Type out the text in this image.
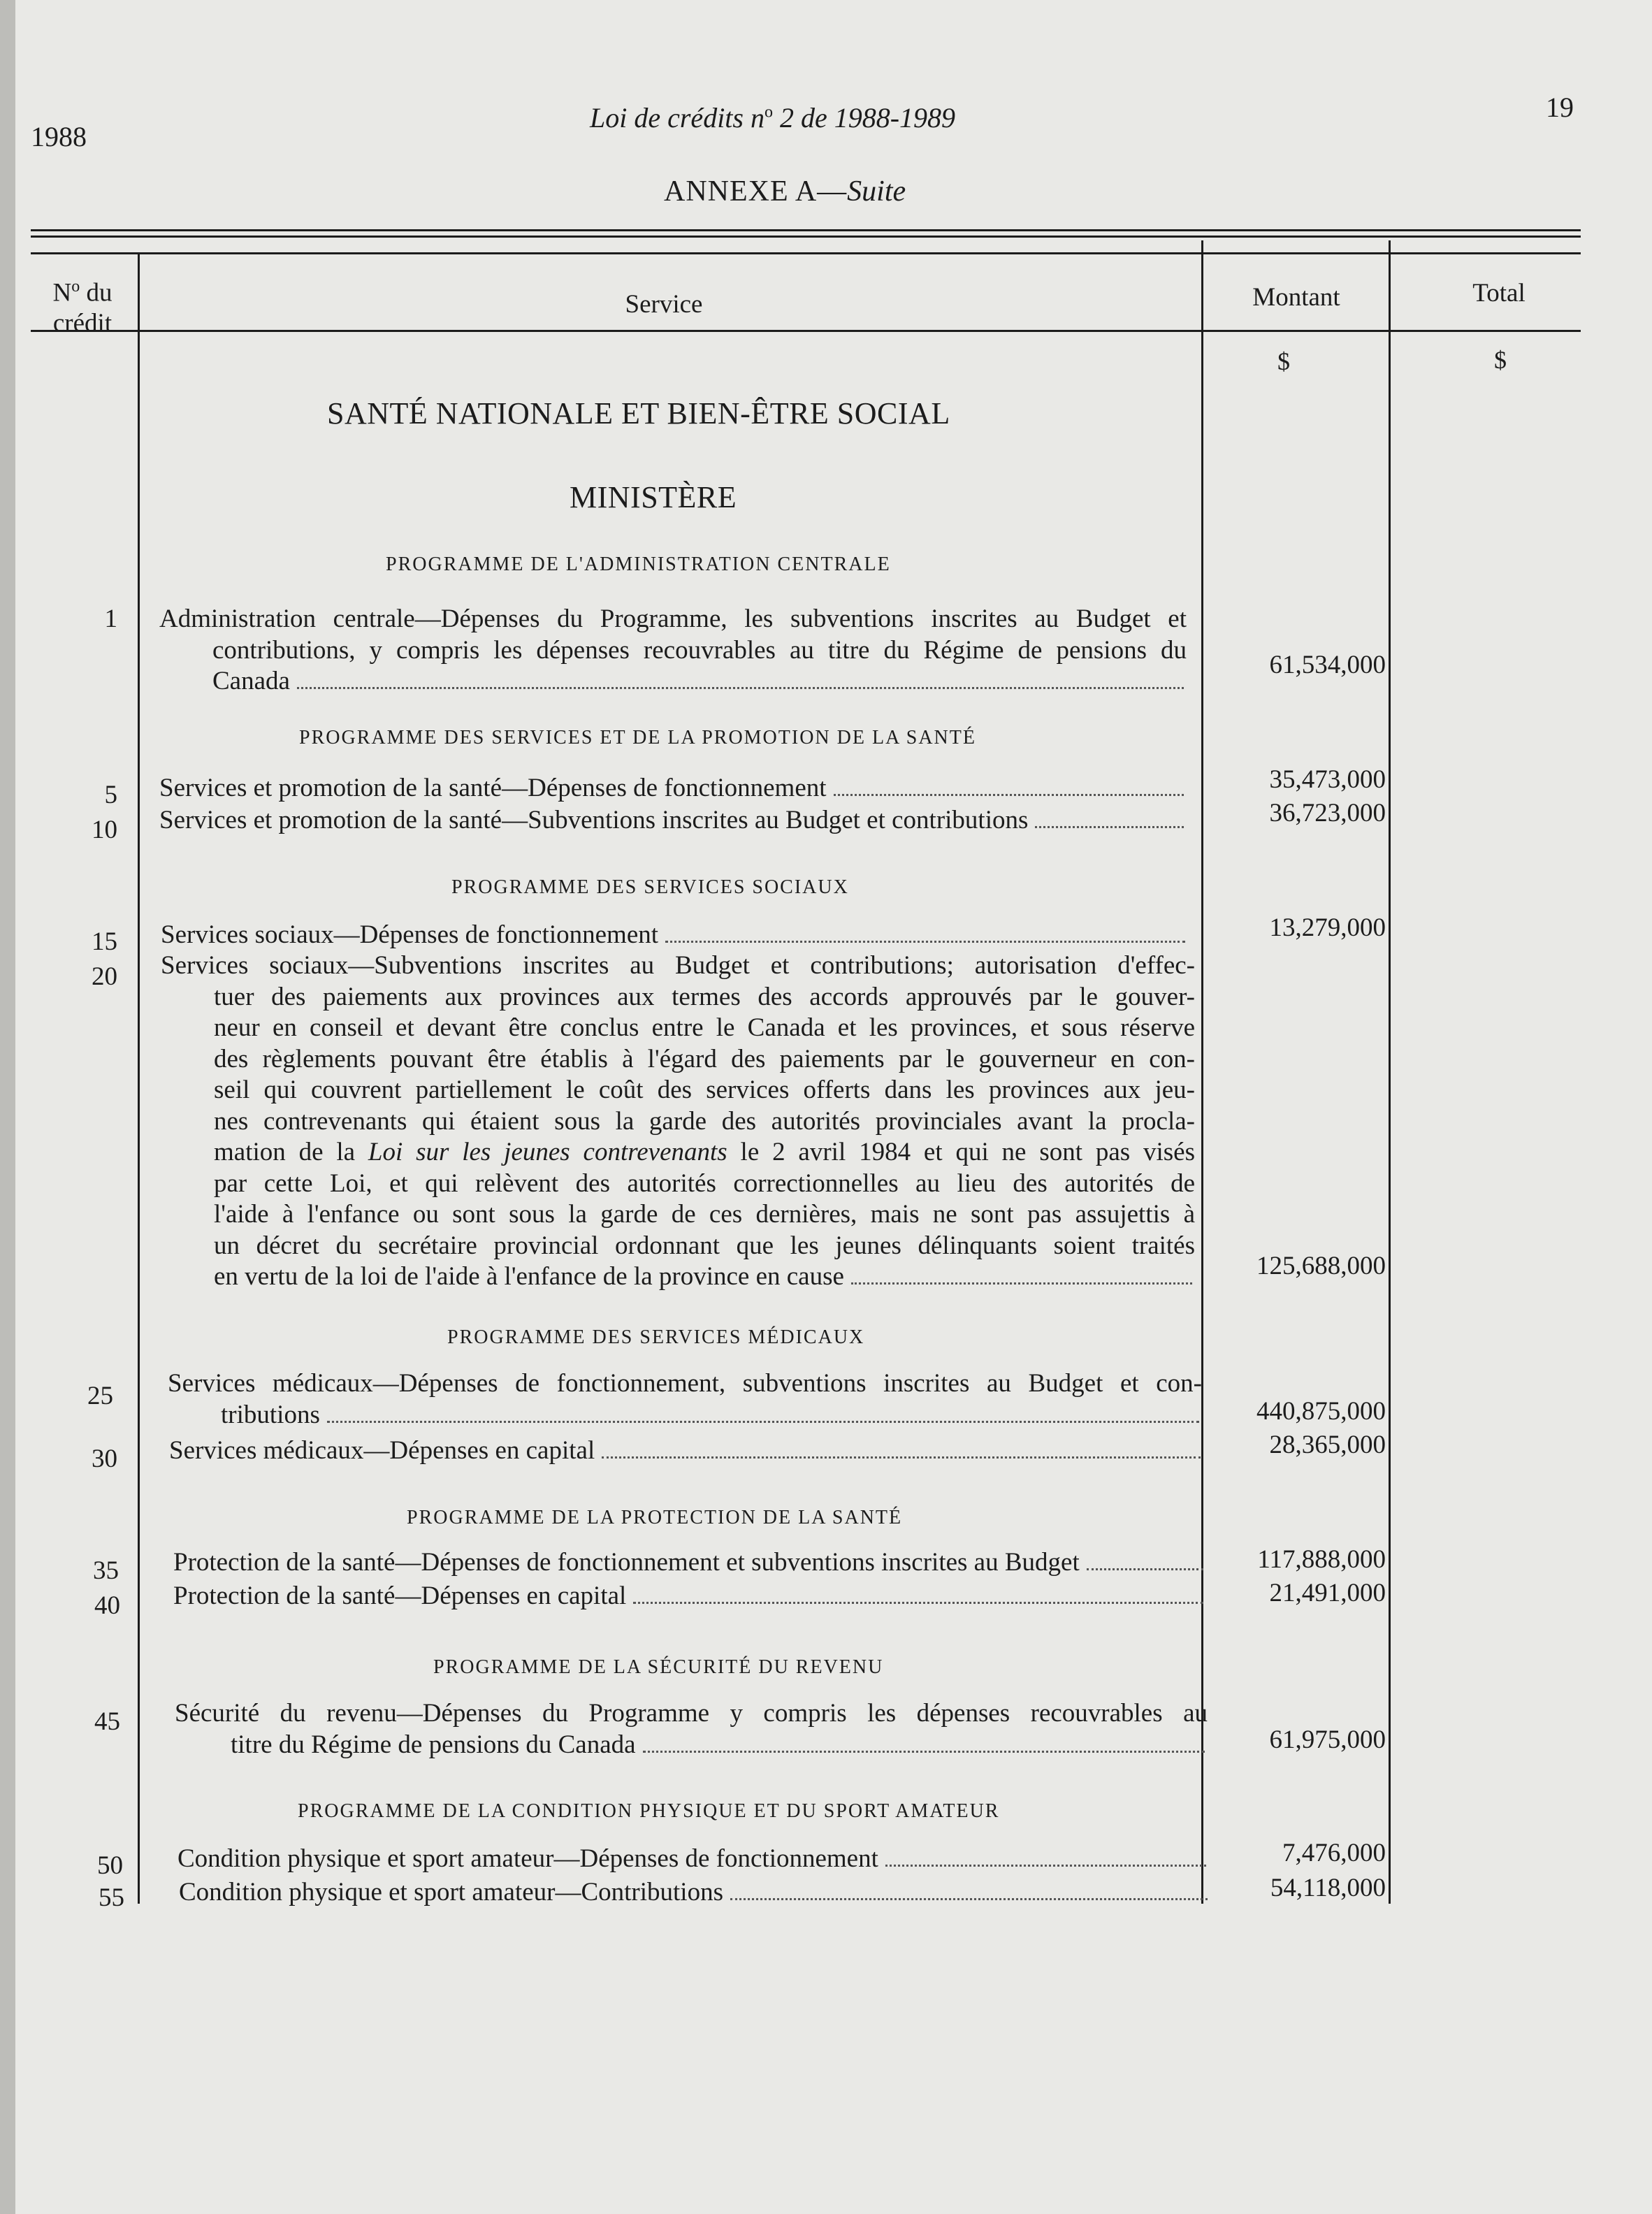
1988
Loi de crédits $n^o$ 2 de 1988-1989	19
ANNEXE A—Suite
$N^o$ du
crédit
Service	Montant	Total
$	$
SANTÉ NATIONALE ET BIEN-ÊTRE SOCIAL
MINISTÈRE
PROGRAMME DE L'ADMINISTRATION CENTRALE
1 Administration centrale—Dépenses du Programme, les subventions inscrites au Budget et

contributions, y compris les dépenses recouvrables au titre du Régime de pensions du

Canada

61,534,000
PROGRAMME DES SERVICES ET DE LA PROMOTION DE LA SANTÉ
5 Services et promotion de la santé—Dépenses de fonctionnement	35,473,000
10 Services et promotion de la santé—Subventions inscrites au Budget et contributions	36,723,000
PROGRAMME DES SERVICES SOCIAUX
15 Services sociaux—Dépenses de fonctionnement	13,279,000
20 Services sociaux—Subventions inscrites au Budget et contributions; autorisation d'effec-

tuer des paiements aux provinces aux termes des accords approuvés par le gouver-

neur en conseil et devant être conclus entre le Canada et les provinces, et sous réserve

des règlements pouvant être établis à l'égard des paiements par le gouverneur en con-

seil qui couvrent partiellement le coût des services offerts dans les provinces aux jeu-

nes contrevenants qui étaient sous la garde des autorités provinciales avant la procla-

mation de la Loi sur les jeunes contrevenants le 2 avril 1984 et qui ne sont pas visés

par cette Loi, et qui relèvent des autorités correctionnelles au lieu des autorités de

l'aide à l'enfance ou sont sous la garde de ces dernières, mais ne sont pas assujettis à

un décret du secrétaire provincial ordonnant que les jeunes délinquants soient traités

en vertu de la loi de l'aide à l'enfance de la province en cause	125,688,000
PROGRAMME DES SERVICES MÉDICAUX
25 Services médicaux—Dépenses de fonctionnement, subventions inscrites au Budget et con-

tributions	440,875,000
30 Services médicaux—Dépenses en capital	28,365,000
PROGRAMME DE LA PROTECTION DE LA SANTÉ
35 Protection de la santé—Dépenses de fonctionnement et subventions inscrites au Budget	117,888,000
40 Protection de la santé—Dépenses en capital	21,491,000
PROGRAMME DE LA SÉCURITÉ DU REVENU
45 Sécurité du revenu—Dépenses du Programme y compris les dépenses recouvrables au

titre du Régime de pensions du Canada	61,975,000
PROGRAMME DE LA CONDITION PHYSIQUE ET DU SPORT AMATEUR
50 Condition physique et sport amateur—Dépenses de fonctionnement	7,476,000
55 Condition physique et sport amateur—Contributions	54,118,000
